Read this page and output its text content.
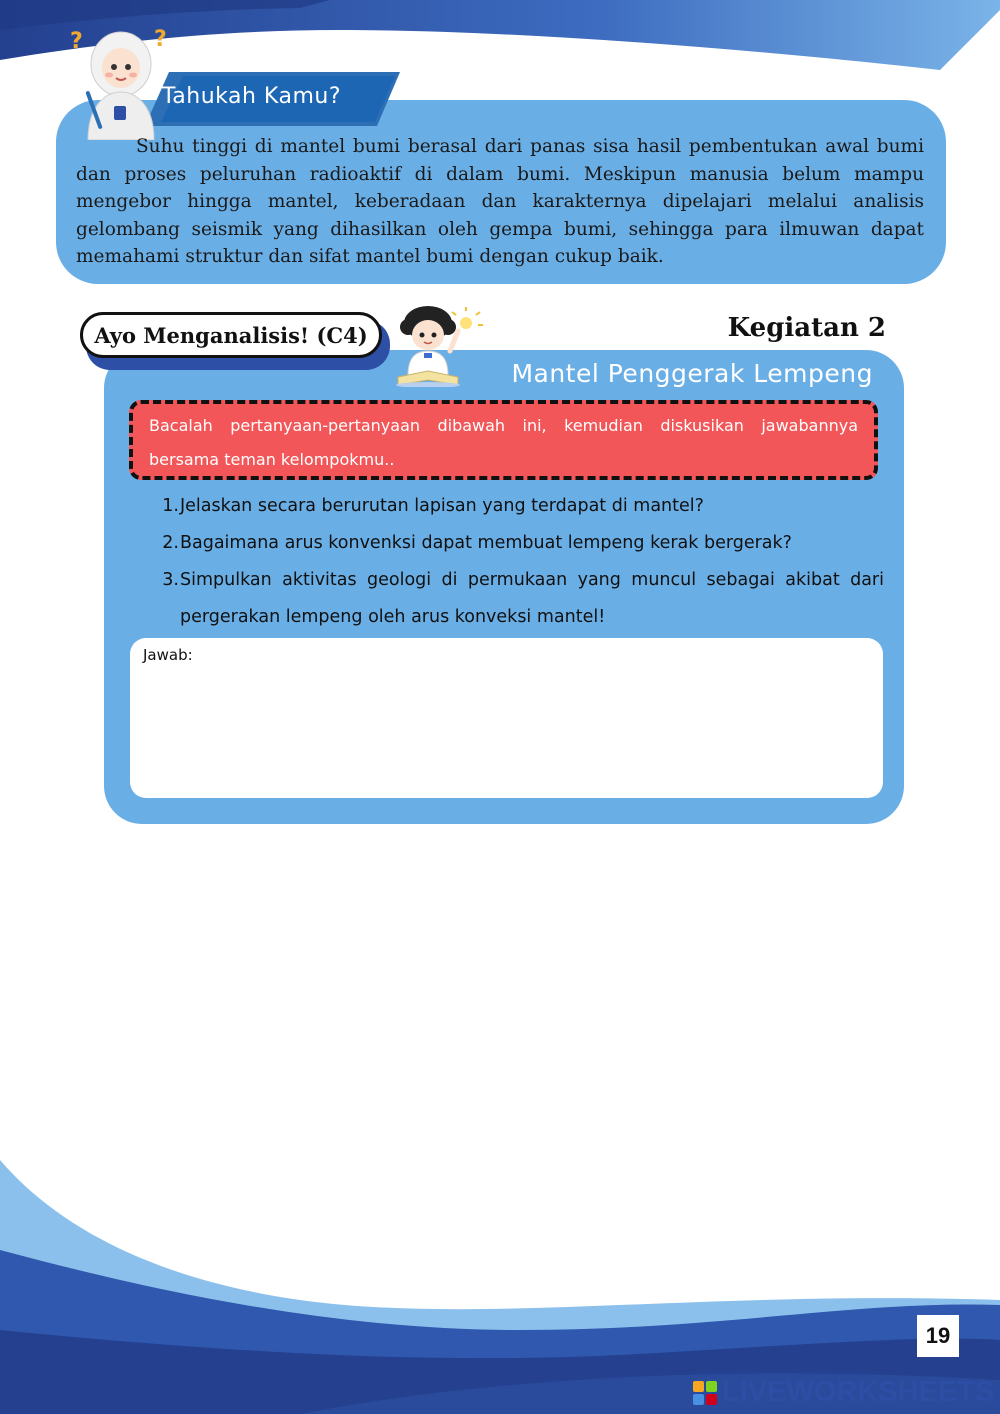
Tahukah Kamu?
?	?

Suhu tinggi di mantel bumi berasal dari panas sisa hasil pembentukan awal bumi dan proses peluruhan radioaktif di dalam bumi. Meskipun manusia belum mampu mengebor hingga mantel, keberadaan dan karakternya dipelajari melalui analisis gelombang seismik yang dihasilkan oleh gempa bumi, sehingga para ilmuwan dapat memahami struktur dan sifat mantel bumi dengan cukup baik.

Ayo Menganalisis! (C4)	Kegiatan 2
Mantel Penggerak Lempeng

Bacalah pertanyaan-pertanyaan dibawah ini, kemudian diskusikan jawabannya bersama teman kelompokmu..

1. Jelaskan secara berurutan lapisan yang terdapat di mantel?
2. Bagaimana arus konvenksi dapat membuat lempeng kerak bergerak?
3. Simpulkan aktivitas geologi di permukaan yang muncul sebagai akibat dari pergerakan lempeng oleh arus konveksi mantel!
Jawab:
19
LIVEWORKSHEETS
